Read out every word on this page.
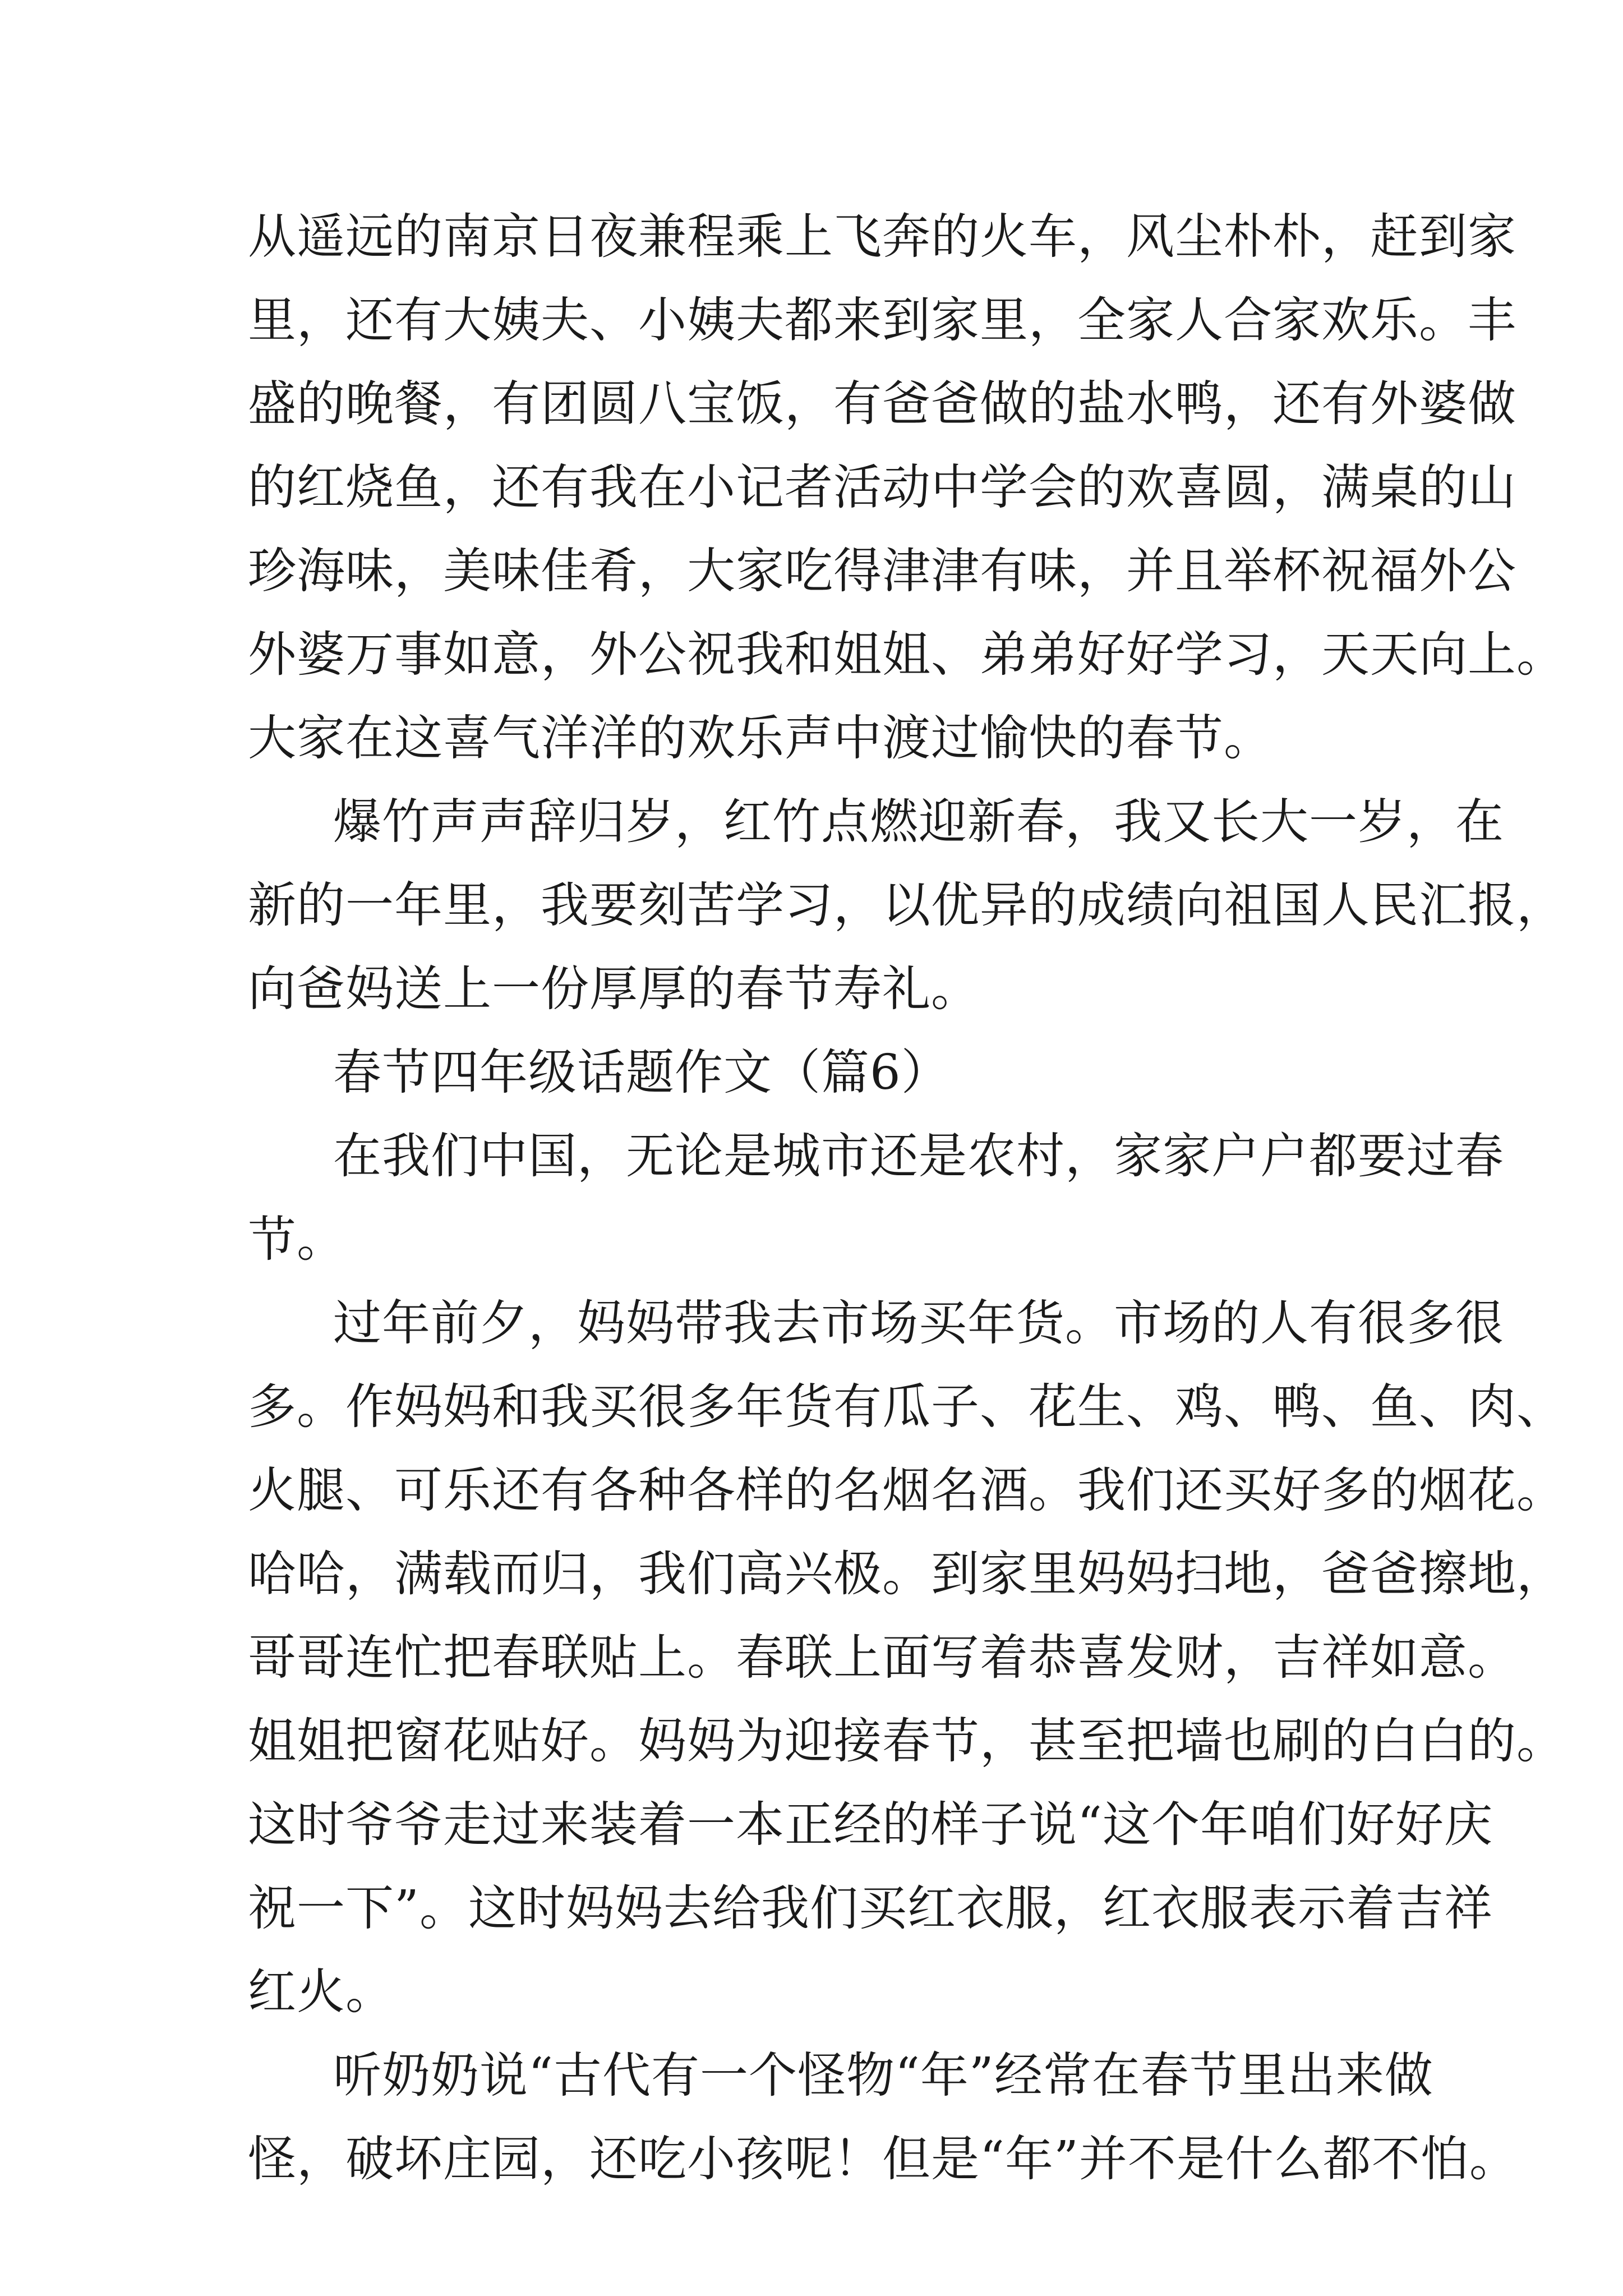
从遥远的南京日夜兼程乘上飞奔的火车，风尘朴朴，赶到家
里，还有大姨夫、小姨夫都来到家里，全家人合家欢乐。丰
盛的晚餐，有团圆八宝饭，有爸爸做的盐水鸭，还有外婆做
的红烧鱼，还有我在小记者活动中学会的欢喜圆，满桌的山
珍海味，美味佳肴，大家吃得津津有味，并且举杯祝福外公
外婆万事如意，外公祝我和姐姐、弟弟好好学习，天天向上。
大家在这喜气洋洋的欢乐声中渡过愉快的春节。
爆竹声声辞归岁，红竹点燃迎新春，我又长大一岁，在
新的一年里，我要刻苦学习，以优异的成绩向祖国人民汇报，
向爸妈送上一份厚厚的春节寿礼。
春节四年级话题作文（篇6）
在我们中国，无论是城市还是农村，家家户户都要过春
节。
过年前夕，妈妈带我去市场买年货。市场的人有很多很
多。作妈妈和我买很多年货有瓜子、花生、鸡、鸭、鱼、肉、
火腿、可乐还有各种各样的名烟名酒。我们还买好多的烟花。
哈哈，满载而归，我们高兴极。到家里妈妈扫地，爸爸擦地，
哥哥连忙把春联贴上。春联上面写着恭喜发财，吉祥如意。
姐姐把窗花贴好。妈妈为迎接春节，甚至把墙也刷的白白的。
这时爷爷走过来装着一本正经的样子说“这个年咱们好好庆
祝一下”。这时妈妈去给我们买红衣服，红衣服表示着吉祥
红火。
听奶奶说“古代有一个怪物“年”经常在春节里出来做
怪，破坏庄园，还吃小孩呢！但是“年”并不是什么都不怕。
